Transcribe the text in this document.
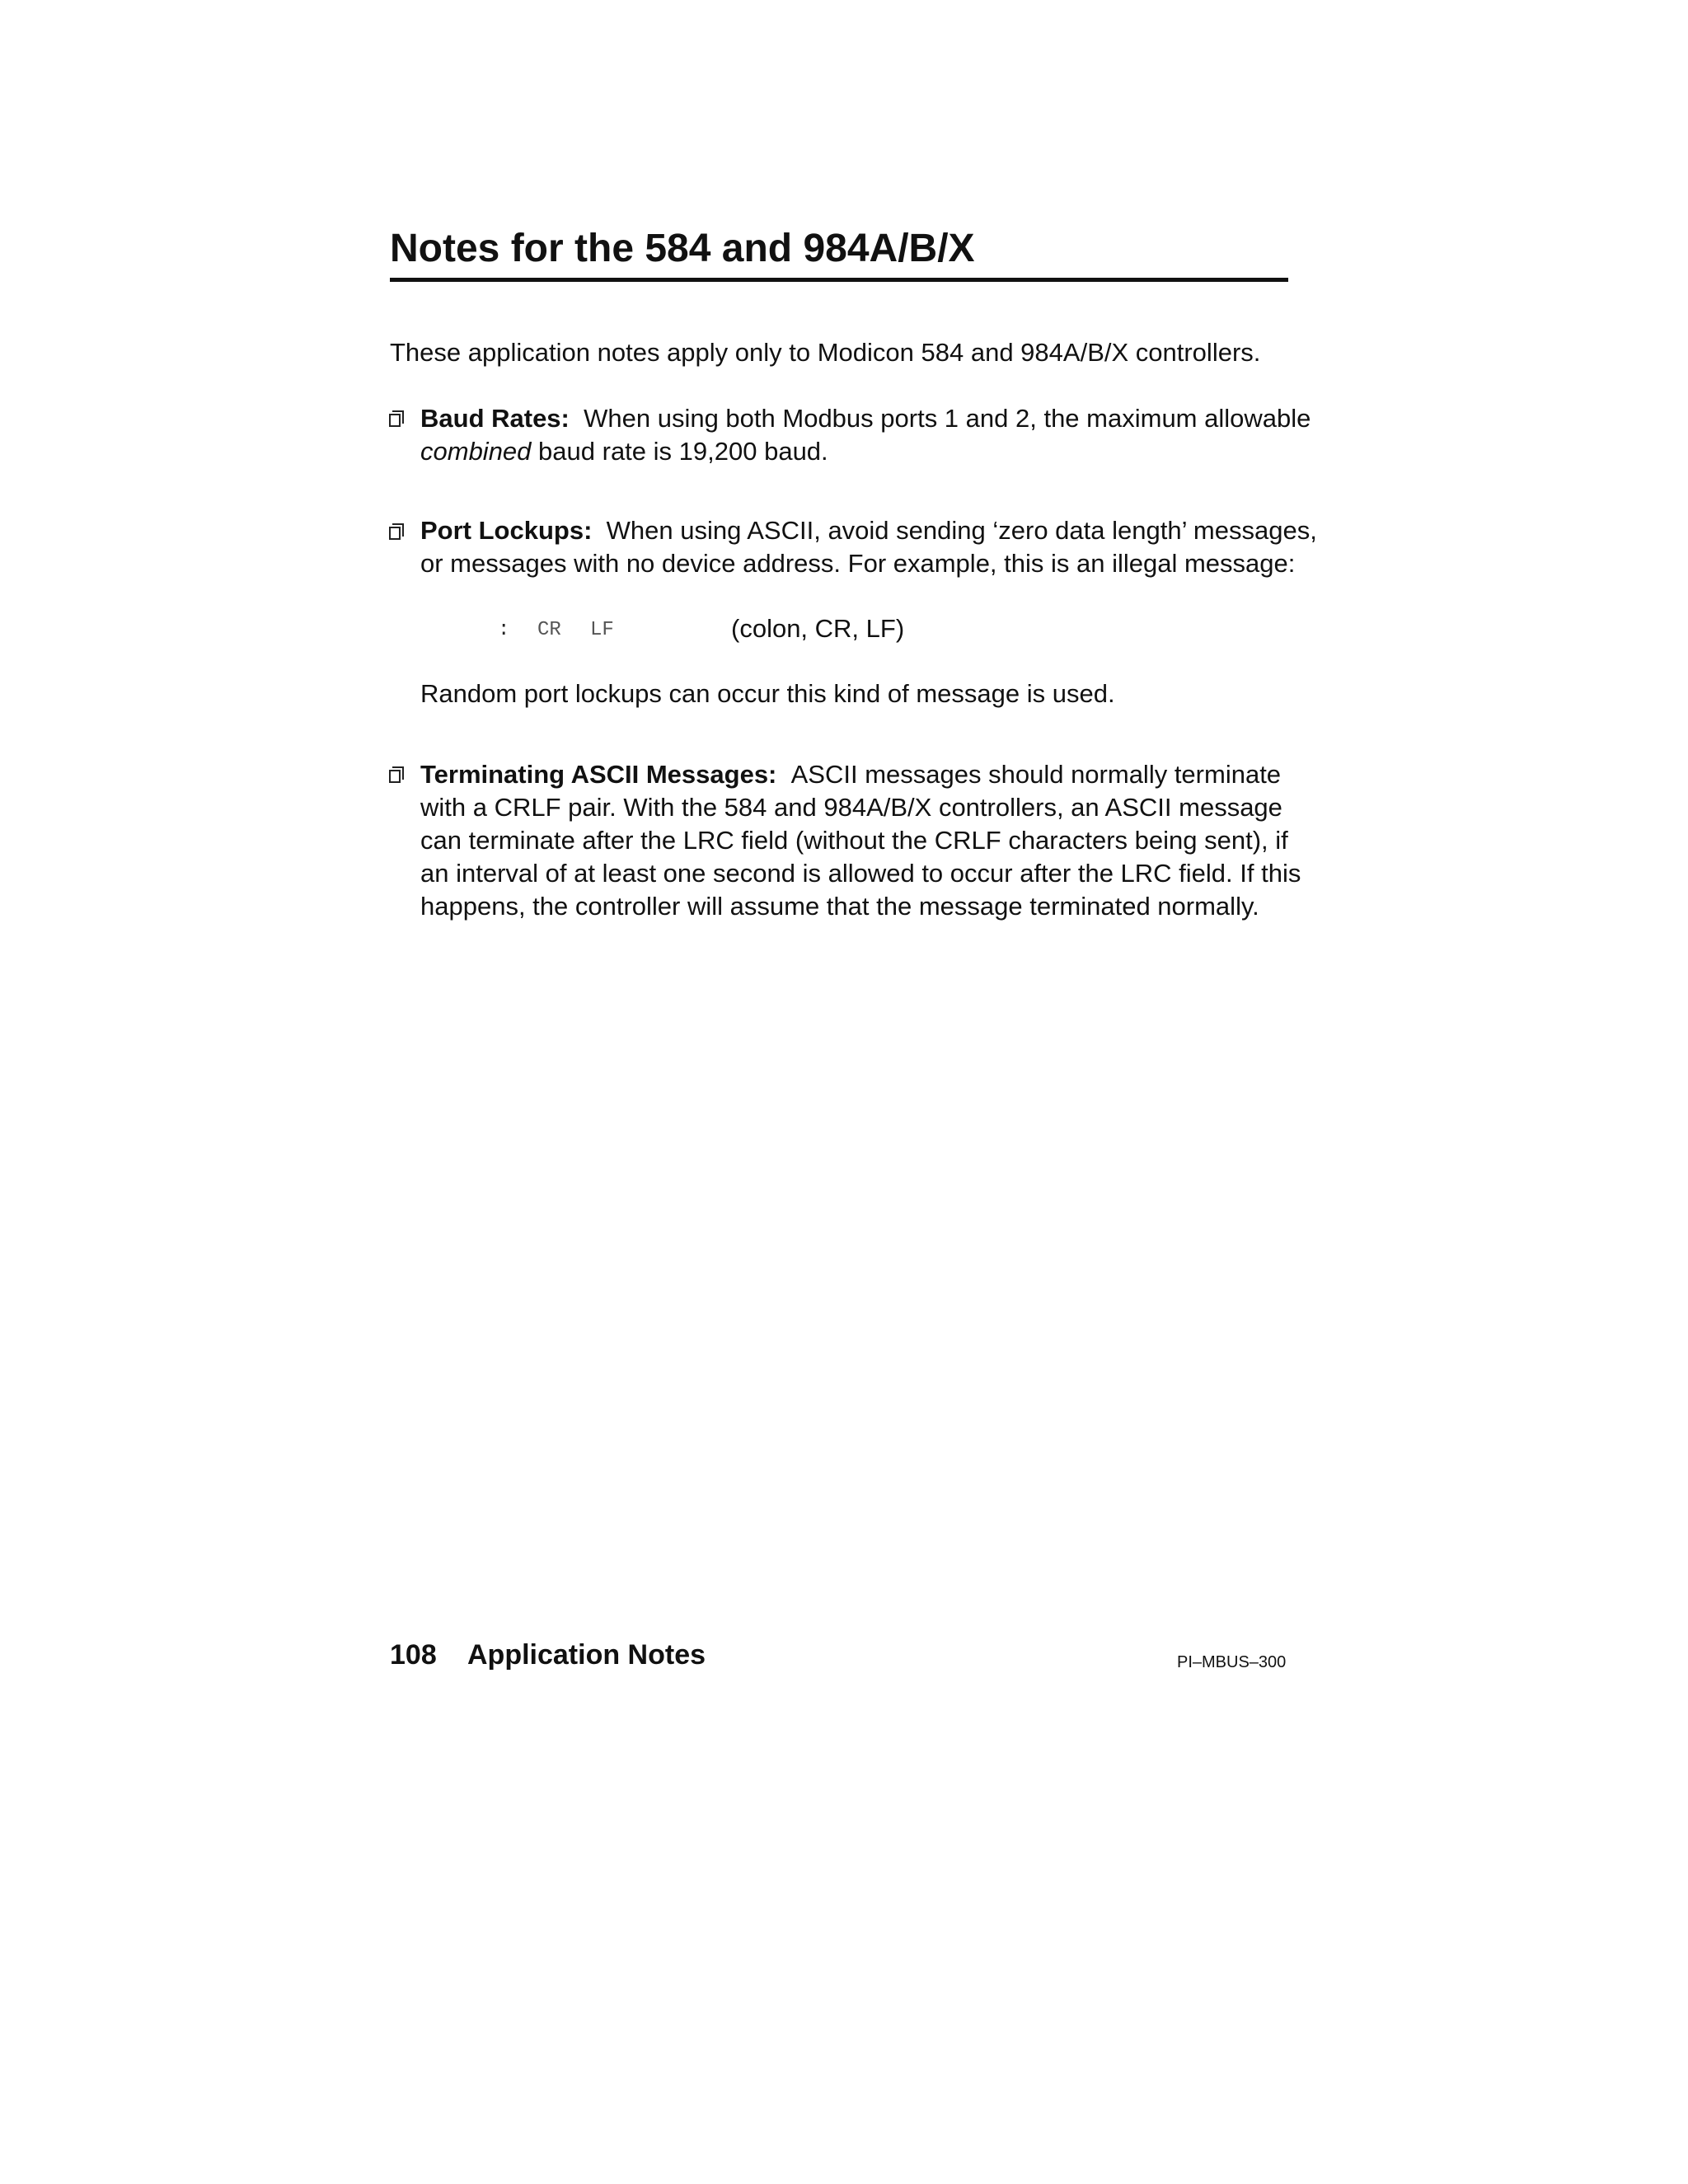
Notes for the 584 and 984A/B/X
These application notes apply only to Modicon 584 and 984A/B/X controllers.
Baud Rates: When using both Modbus ports 1 and 2, the maximum allowable
combined baud rate is 19,200 baud.
Port Lockups: When using ASCII, avoid sending ‘zero data length’ messages,
or messages with no device address. For example, this is an illegal message:
: CR LF	(colon, CR, LF)
Random port lockups can occur this kind of message is used.
Terminating ASCII Messages: ASCII messages should normally terminate
with a CRLF pair. With the 584 and 984A/B/X controllers, an ASCII message
can terminate after the LRC field (without the CRLF characters being sent), if
an interval of at least one second is allowed to occur after the LRC field. If this
happens, the controller will assume that the message terminated normally.
108 Application Notes	PI–MBUS–300
